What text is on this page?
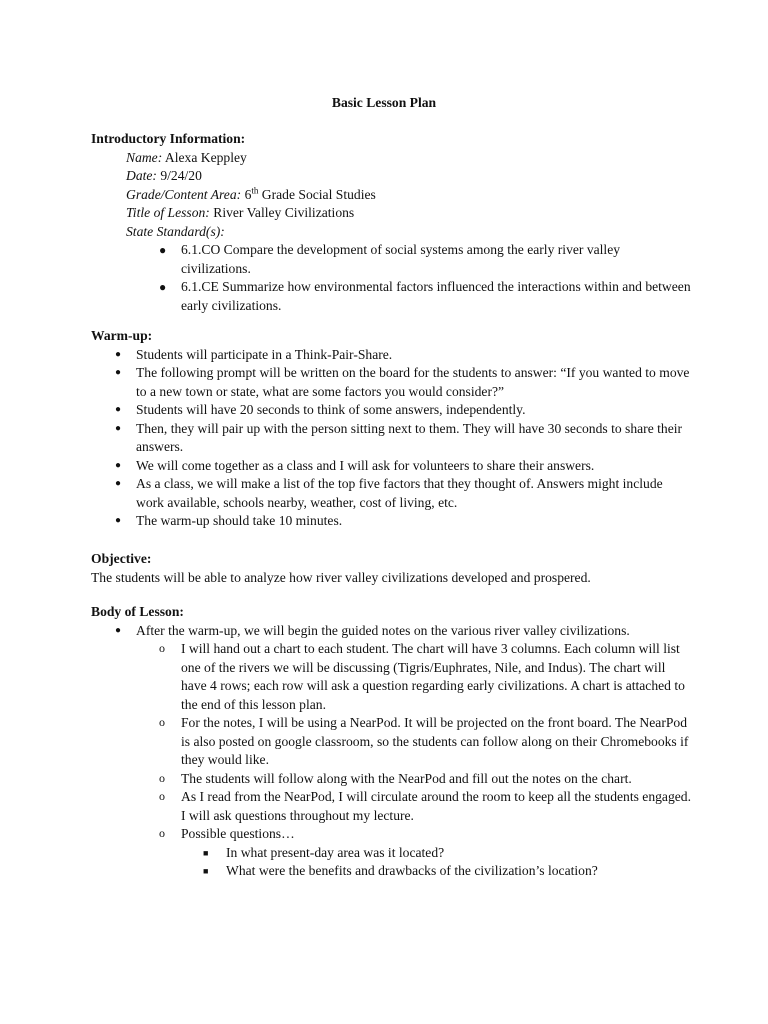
Basic Lesson Plan
Introductory Information:
Name: Alexa Keppley
Date: 9/24/20
Grade/Content Area: 6th Grade Social Studies
Title of Lesson: River Valley Civilizations
State Standard(s):
● 6.1.CO Compare the development of social systems among the early river valley civilizations.
● 6.1.CE Summarize how environmental factors influenced the interactions within and between early civilizations.
Warm-up:
● Students will participate in a Think-Pair-Share.
● The following prompt will be written on the board for the students to answer: “If you wanted to move to a new town or state, what are some factors you would consider?”
● Students will have 20 seconds to think of some answers, independently.
● Then, they will pair up with the person sitting next to them. They will have 30 seconds to share their answers.
● We will come together as a class and I will ask for volunteers to share their answers.
● As a class, we will make a list of the top five factors that they thought of. Answers might include work available, schools nearby, weather, cost of living, etc.
● The warm-up should take 10 minutes.
Objective:
The students will be able to analyze how river valley civilizations developed and prospered.
Body of Lesson:
● After the warm-up, we will begin the guided notes on the various river valley civilizations.
o I will hand out a chart to each student. The chart will have 3 columns. Each column will list one of the rivers we will be discussing (Tigris/Euphrates, Nile, and Indus). The chart will have 4 rows; each row will ask a question regarding early civilizations. A chart is attached to the end of this lesson plan.
o For the notes, I will be using a NearPod. It will be projected on the front board. The NearPod is also posted on google classroom, so the students can follow along on their Chromebooks if they would like.
o The students will follow along with the NearPod and fill out the notes on the chart.
o As I read from the NearPod, I will circulate around the room to keep all the students engaged. I will ask questions throughout my lecture.
o Possible questions…
■ In what present-day area was it located?
■ What were the benefits and drawbacks of the civilization’s location?
